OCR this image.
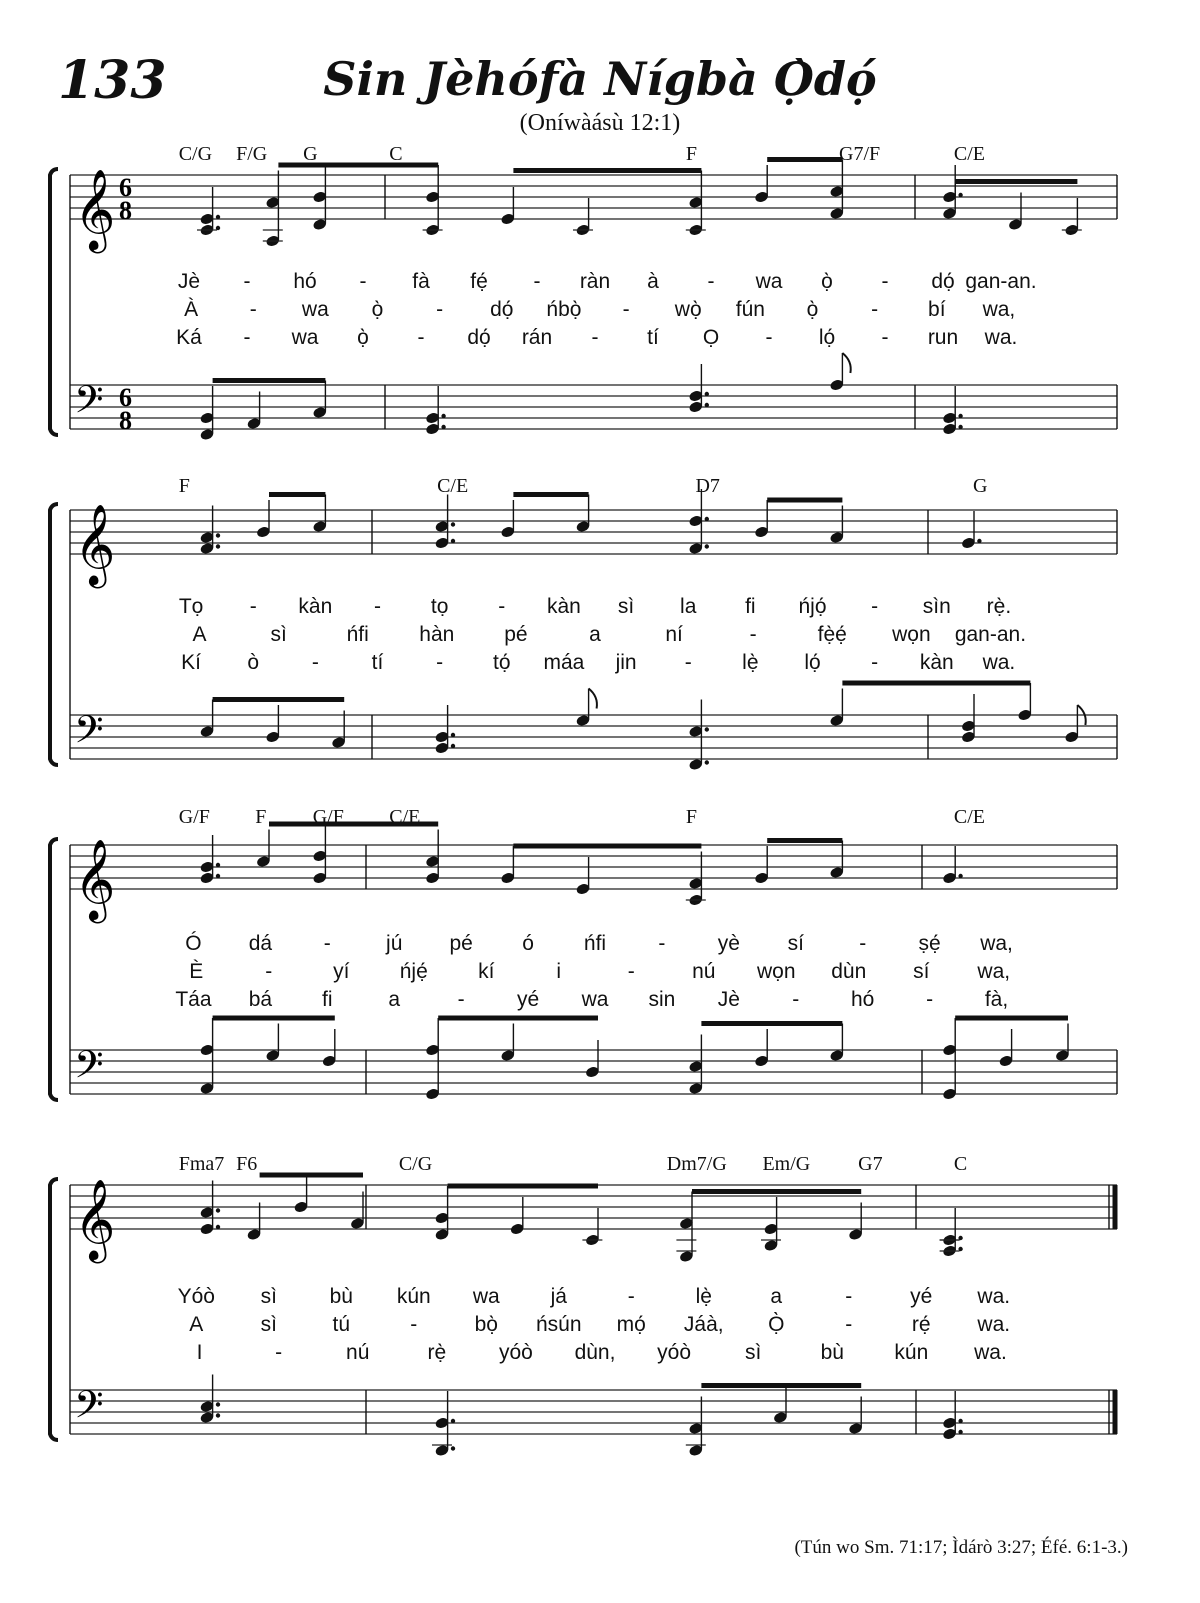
133	Sin Jèhófà Nígbà Ọ̀dọ́
(Oníwàásù 12:1)
𝄞
𝄢
6
8
6
8
C/G F/G G	C	F	G7/F	C/E
Jè - hó - fà fẹ́ - ràn à - wa ọ̀ - dọ́ gan-an.
À - wa ọ̀	- dọ́ ńbọ̀ - wọ̀ fún ọ̀	- bí wa,
Ká - wa ọ̀ - dọ́ rán - tí Ọ - lọ́ - run wa.
𝄞
𝄢
F	C/E	D7	G
Tọ - kàn - tọ - kàn sì la fi ńjọ́ - sìn rẹ̀.
A	sì	ńfi hàn pé	a	ní	-	fẹ̀ẹ́ wọn gan-an.
Kí ò	-	tí	- tọ́ máa jin - lẹ̀ lọ́ - kàn wa.
𝄞
𝄢
G/F F G/F C/E	F	C/E
Ó dá -	jú pé ó ńfi - yè sí	- ṣẹ́ wa,
È	-	yí ńjẹ́ kí	i	-	nú wọn dùn sí wa,
Táa bá fi	a	- yé wa sin Jè - hó - fà,
𝄞
𝄢
Fma7 F6	C/G	Dm7/G Em/G G7	C
Yóò sì	bù kún wa já	-	lẹ̀	a	-	yé wa.
A	sì	tú	-	bọ̀ ńsún mọ́ Jáà, Ọ̀	-	rẹ́ wa.
I	-	nú	rẹ̀	yóò dùn, yóò	sì	bù kún wa.
(Tún wo Sm. 71:17; Ìdárò 3:27; Éfé. 6:1-3.)
